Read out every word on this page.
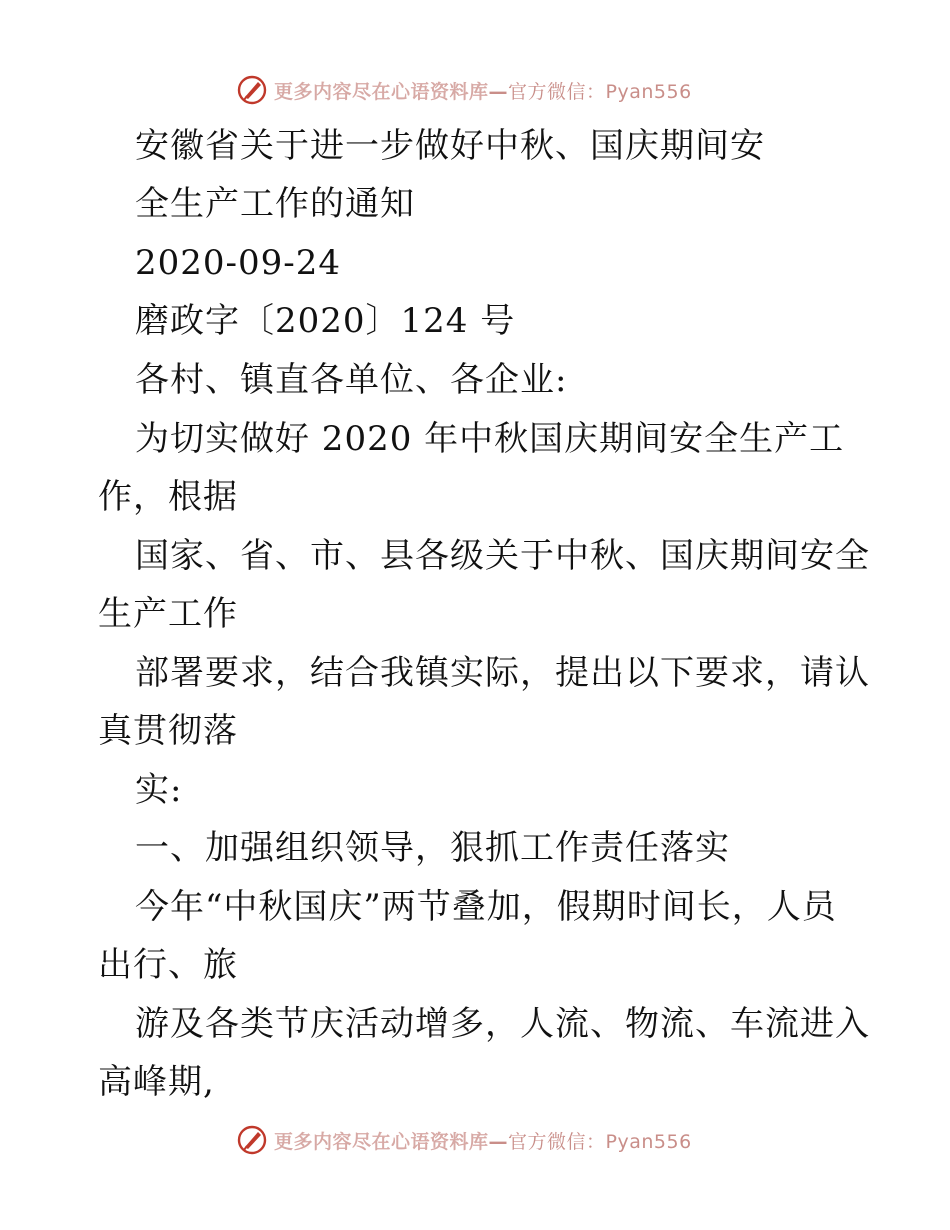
更多内容尽在心语资料库—官方微信：Pyan556
安徽省关于进一步做好中秋、国庆期间安
全生产工作的通知
2020-09-24
磨政字〔2020〕124 号
各村、镇直各单位、各企业:
为切实做好 2020 年中秋国庆期间安全生产工
作，根据
国家、省、市、县各级关于中秋、国庆期间安全
生产工作
部署要求，结合我镇实际，提出以下要求，请认
真贯彻落
实:
一、加强组织领导，狠抓工作责任落实
今年“中秋国庆”两节叠加，假期时间长，人员
出行、旅
游及各类节庆活动增多，人流、物流、车流进入
高峰期,
更多内容尽在心语资料库—官方微信：Pyan556
